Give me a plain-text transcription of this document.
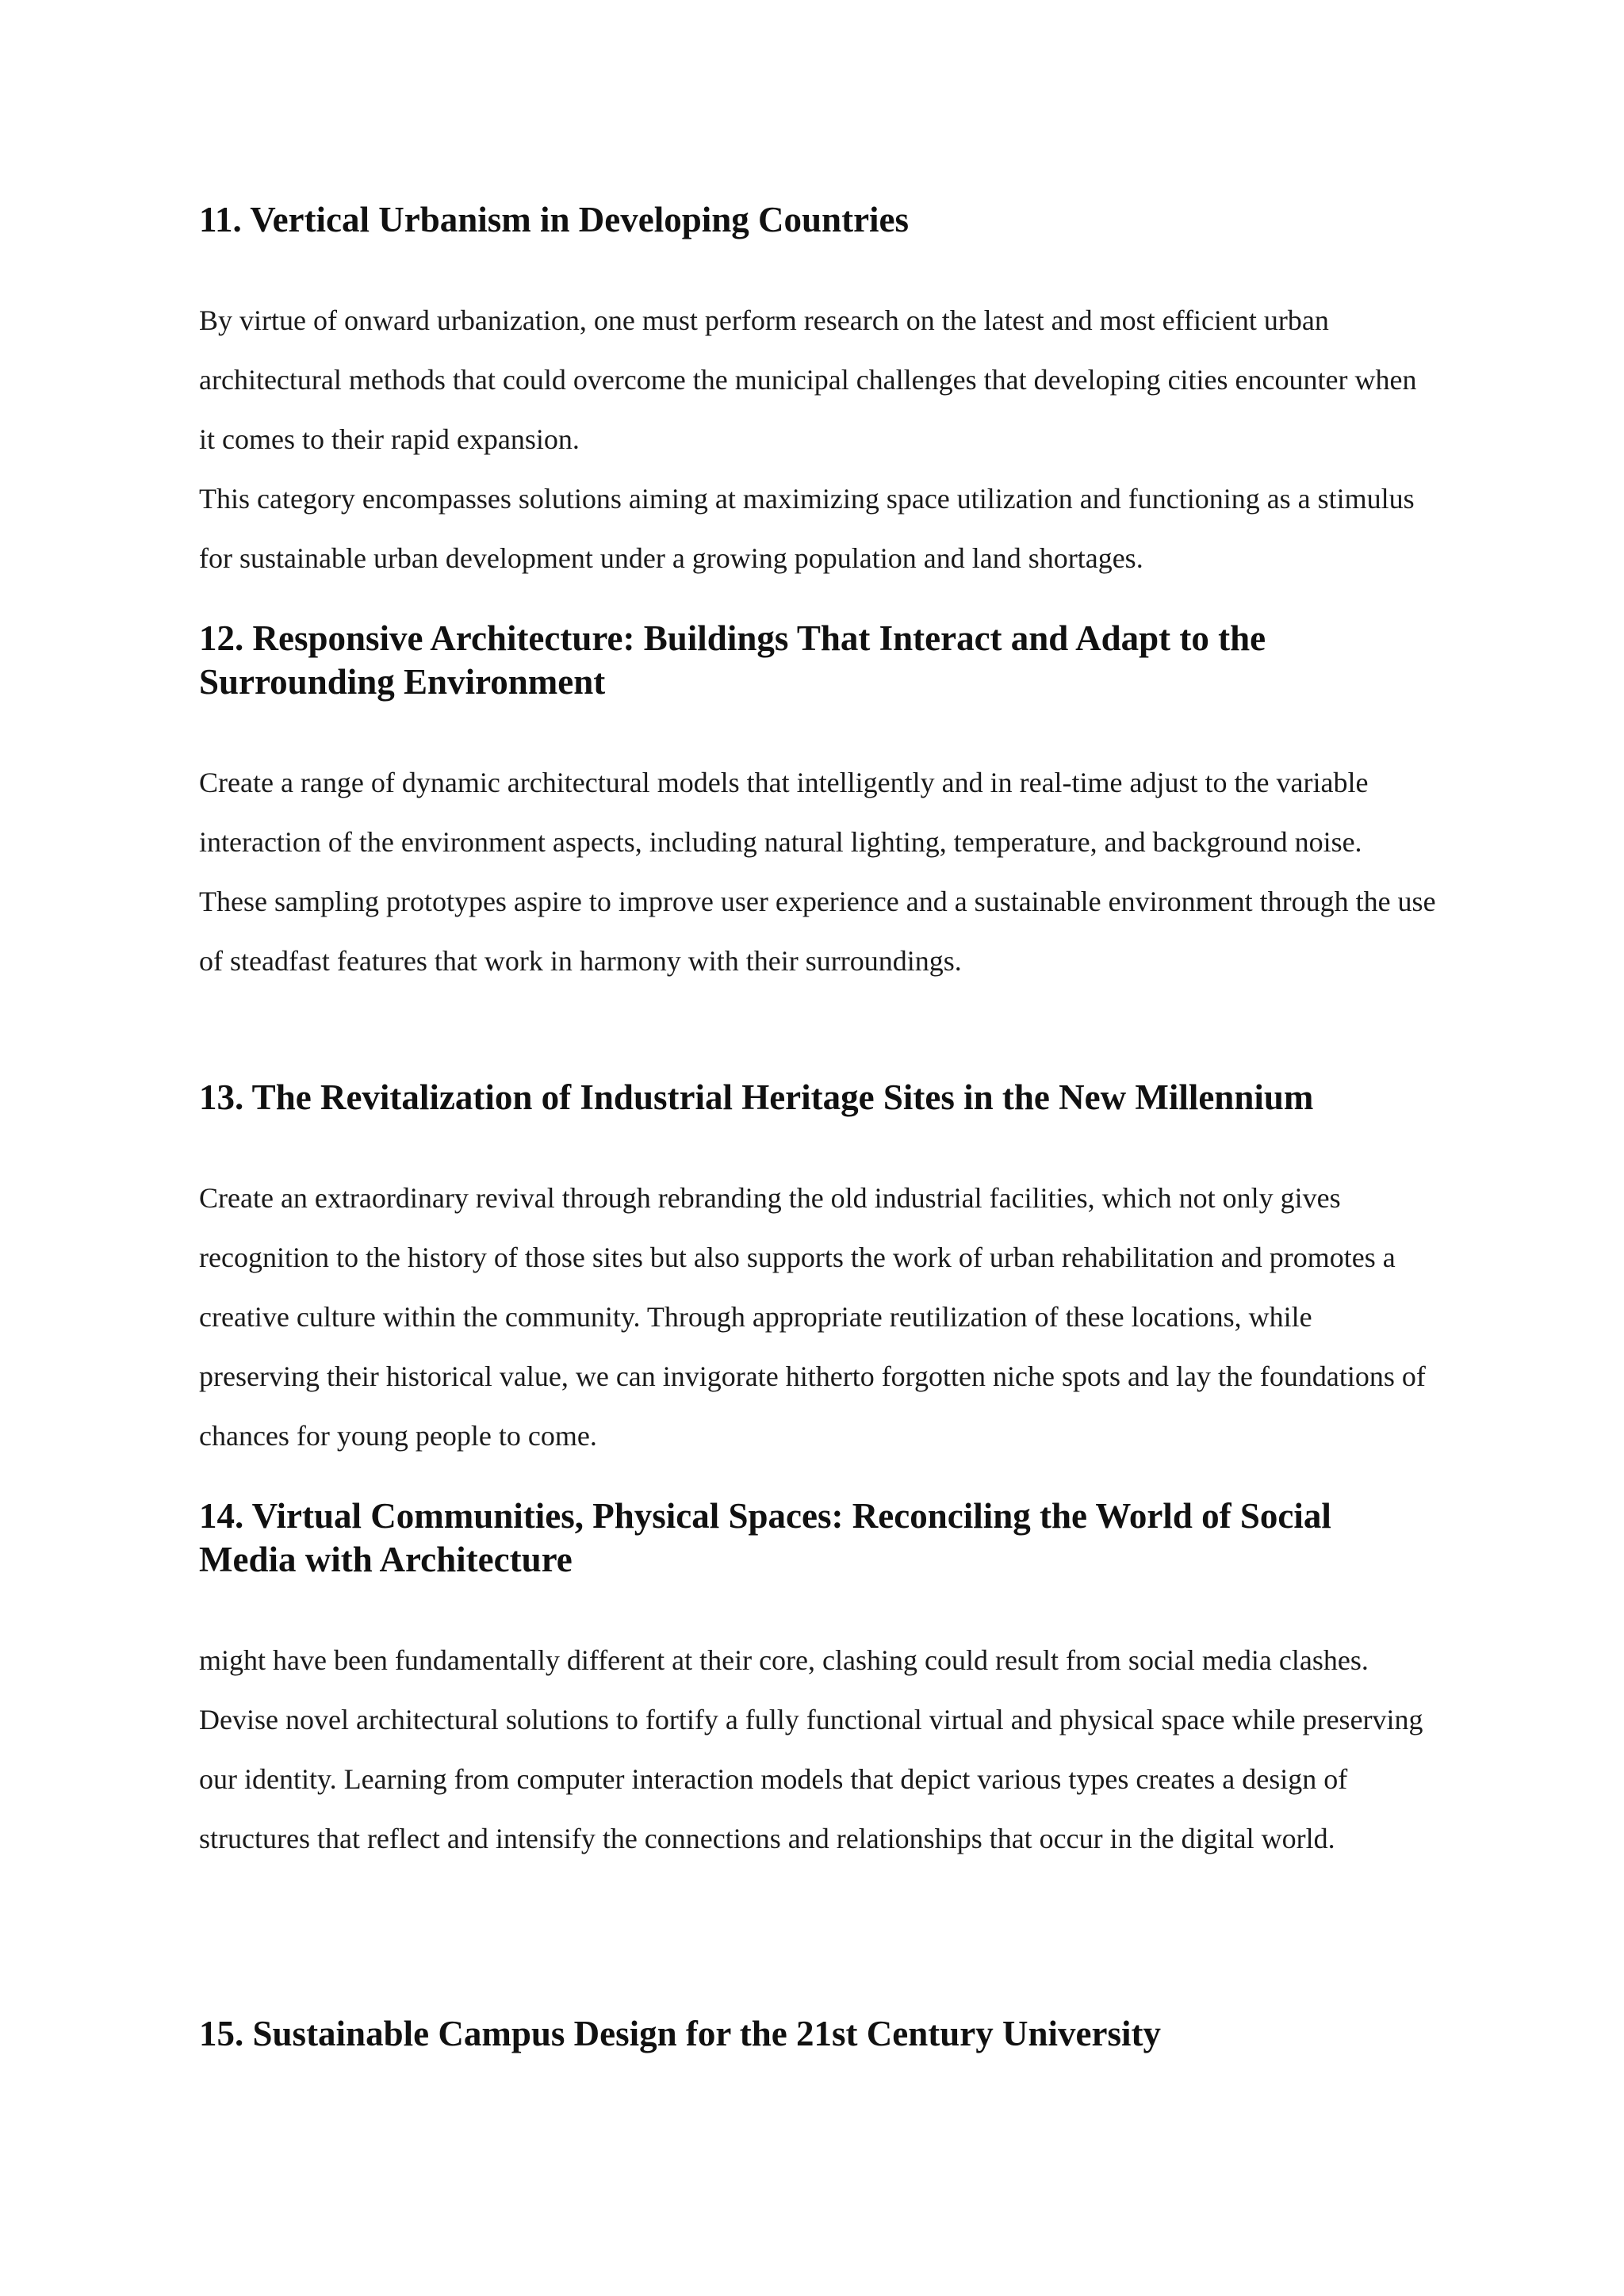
11. Vertical Urbanism in Developing Countries

By virtue of onward urbanization, one must perform research on the latest and most efficient urban architectural methods that could overcome the municipal challenges that developing cities encounter when it comes to their rapid expansion.

This category encompasses solutions aiming at maximizing space utilization and functioning as a stimulus for sustainable urban development under a growing population and land shortages.

12. Responsive Architecture: Buildings That Interact and Adapt to the Surrounding Environment

Create a range of dynamic architectural models that intelligently and in real-time adjust to the variable interaction of the environment aspects, including natural lighting, temperature, and background noise.

These sampling prototypes aspire to improve user experience and a sustainable environment through the use of steadfast features that work in harmony with their surroundings.

13. The Revitalization of Industrial Heritage Sites in the New Millennium

Create an extraordinary revival through rebranding the old industrial facilities, which not only gives recognition to the history of those sites but also supports the work of urban rehabilitation and promotes a creative culture within the community. Through appropriate reutilization of these locations, while preserving their historical value, we can invigorate hitherto forgotten niche spots and lay the foundations of chances for young people to come.

14. Virtual Communities, Physical Spaces: Reconciling the World of Social Media with Architecture

might have been fundamentally different at their core, clashing could result from social media clashes.

Devise novel architectural solutions to fortify a fully functional virtual and physical space while preserving our identity. Learning from computer interaction models that depict various types creates a design of structures that reflect and intensify the connections and relationships that occur in the digital world.

15. Sustainable Campus Design for the 21st Century University
